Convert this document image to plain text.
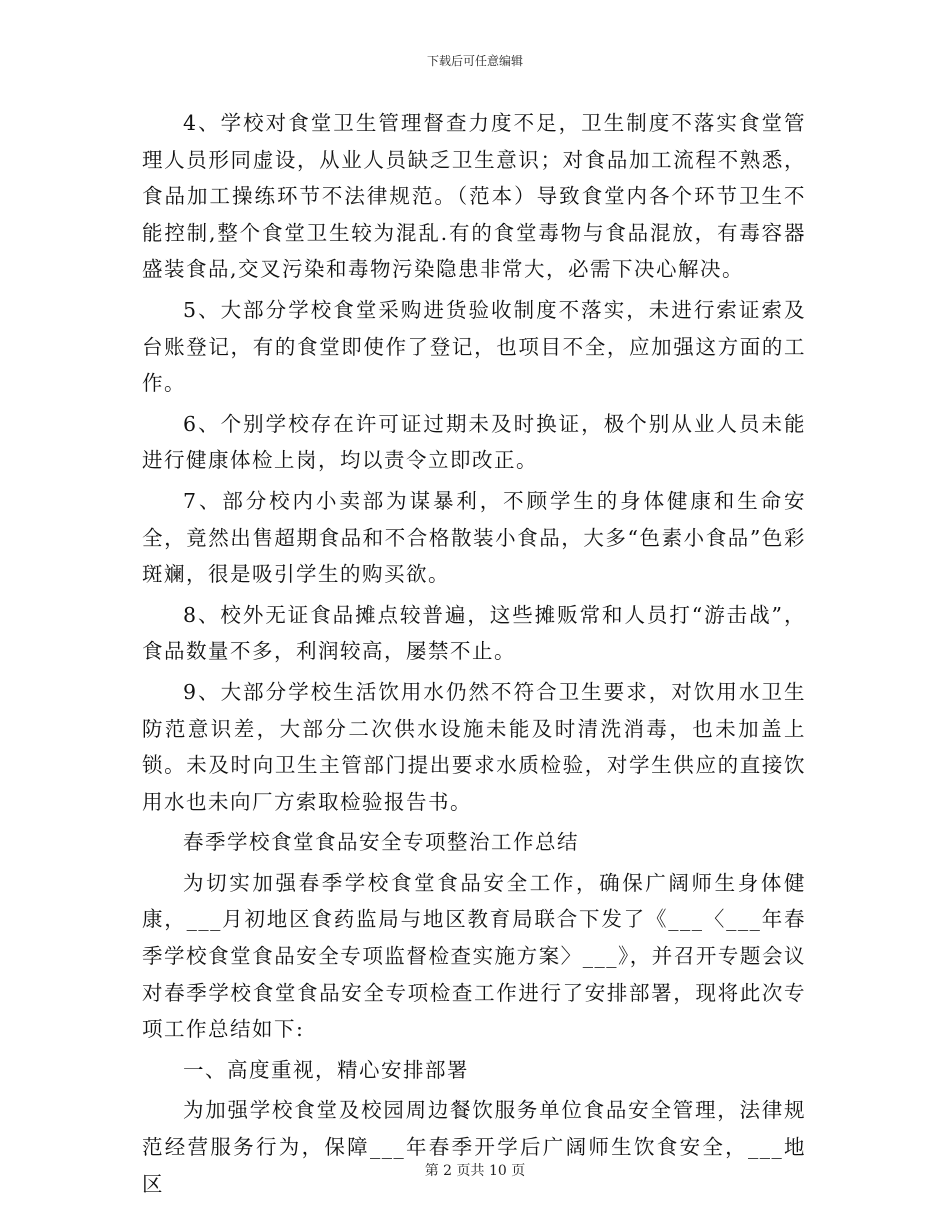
下载后可任意编辑

4、学校对食堂卫生管理督查力度不足，卫生制度不落实食堂管理人员形同虚设，从业人员缺乏卫生意识；对食品加工流程不熟悉，食品加工操练环节不法律规范。（范本）导致食堂内各个环节卫生不能控制,整个食堂卫生较为混乱.有的食堂毒物与食品混放，有毒容器盛装食品,交叉污染和毒物污染隐患非常大，必需下决心解决。

5、大部分学校食堂采购进货验收制度不落实，未进行索证索及台账登记，有的食堂即使作了登记，也项目不全，应加强这方面的工作。

6、个别学校存在许可证过期未及时换证，极个别从业人员未能进行健康体检上岗，均以责令立即改正。

7、部分校内小卖部为谋暴利，不顾学生的身体健康和生命安全，竟然出售超期食品和不合格散装小食品，大多“色素小食品”色彩斑斓，很是吸引学生的购买欲。

8、校外无证食品摊点较普遍，这些摊贩常和人员打“游击战”，食品数量不多，利润较高，屡禁不止。

9、大部分学校生活饮用水仍然不符合卫生要求，对饮用水卫生防范意识差，大部分二次供水设施未能及时清洗消毒，也未加盖上锁。未及时向卫生主管部门提出要求水质检验，对学生供应的直接饮用水也未向厂方索取检验报告书。

春季学校食堂食品安全专项整治工作总结

为切实加强春季学校食堂食品安全工作，确保广阔师生身体健康，___月初地区食药监局与地区教育局联合下发了《___〈___年春季学校食堂食品安全专项监督检查实施方案〉___》，并召开专题会议对春季学校食堂食品安全专项检查工作进行了安排部署，现将此次专项工作总结如下:

一、高度重视，精心安排部署

为加强学校食堂及校园周边餐饮服务单位食品安全管理，法律规范经营服务行为，保障___年春季开学后广阔师生饮食安全，___地区

第 2 页共 10 页
